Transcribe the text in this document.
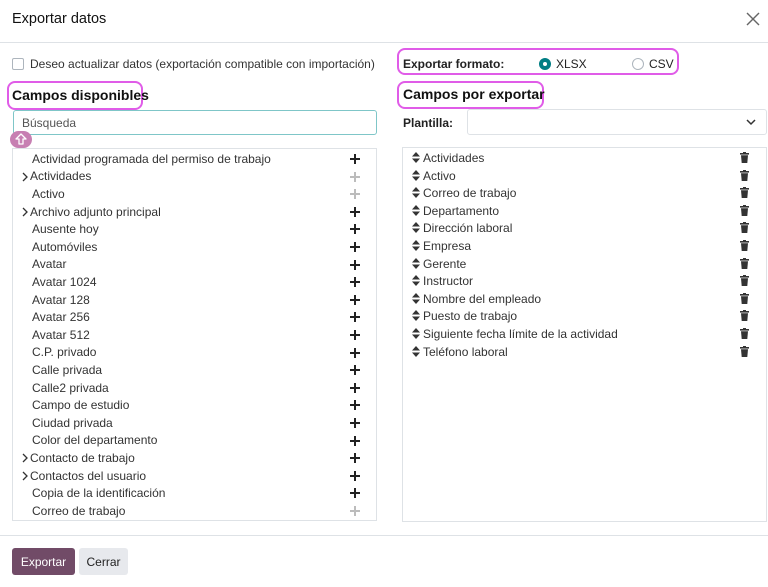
Exportar datos
Deseo actualizar datos (exportación compatible con importación) Exportar formato:	XLSX	CSV
Campos disponibles
Búsqueda
Actividad programada del permiso de trabajo
Actividades
Activo
Archivo adjunto principal
Ausente hoy
Automóviles
Avatar
Avatar 1024
Avatar 128
Avatar 256
Avatar 512
C.P. privado
Calle privada
Calle2 privada
Campo de estudio
Ciudad privada
Color del departamento
Contacto de trabajo
Contactos del usuario
Copia de la identificación
Correo de trabajo
Campos por exportar
Plantilla:
Actividades
Activo
Correo de trabajo
Departamento
Dirección laboral
Empresa
Gerente
Instructor
Nombre del empleado
Puesto de trabajo
Siguiente fecha límite de la actividad
Teléfono laboral
Exportar	Cerrar
